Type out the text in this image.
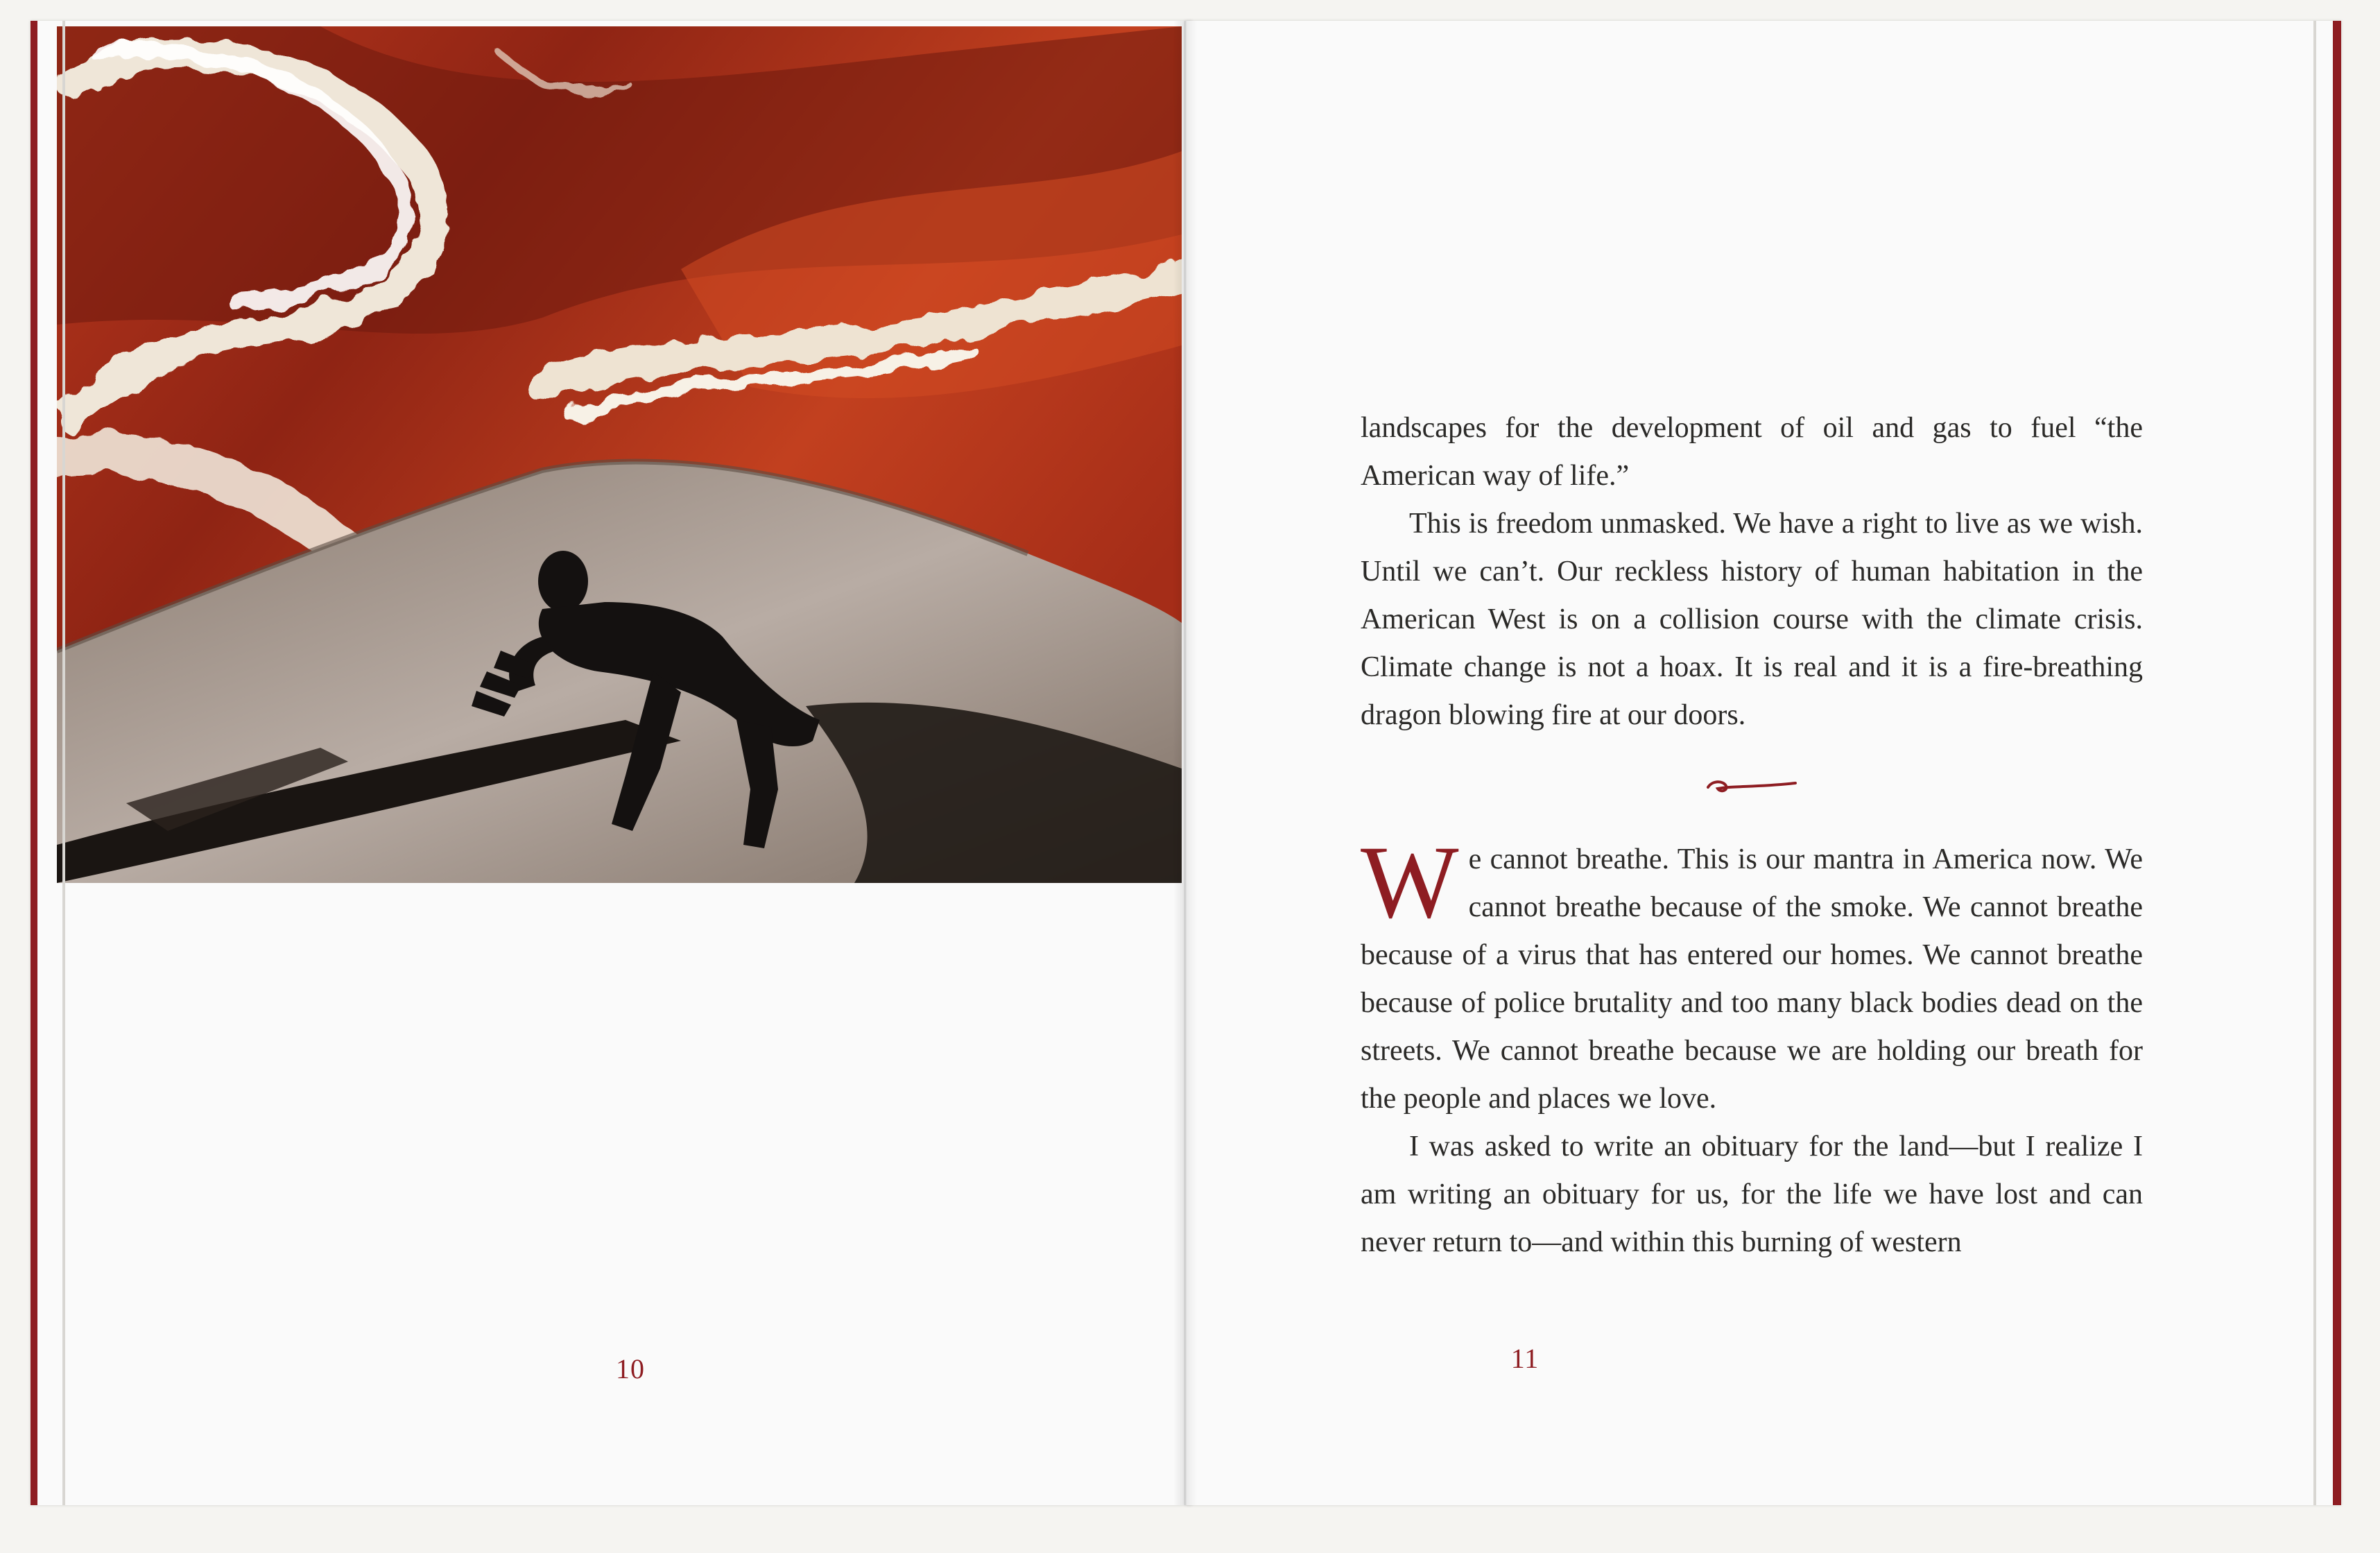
10	11

landscapes for the development of oil and gas to fuel “the American way of life.”

This is freedom unmasked. We have a right to live as we wish. Until we can’t. Our reckless history of human habitation in the American West is on a collision course with the climate crisis. Climate change is not a hoax. It is real and it is a fire-breathing dragon blowing fire at our doors.

We cannot breathe. This is our mantra in America now. We cannot breathe because of the smoke. We cannot breathe because of a virus that has entered our homes. We cannot breathe because of police brutality and too many black bodies dead on the streets. We cannot breathe because we are holding our breath for the people and places we love.

I was asked to write an obituary for the land—but I realize I am writing an obituary for us, for the life we have lost and can never return to—and within this burning of western
